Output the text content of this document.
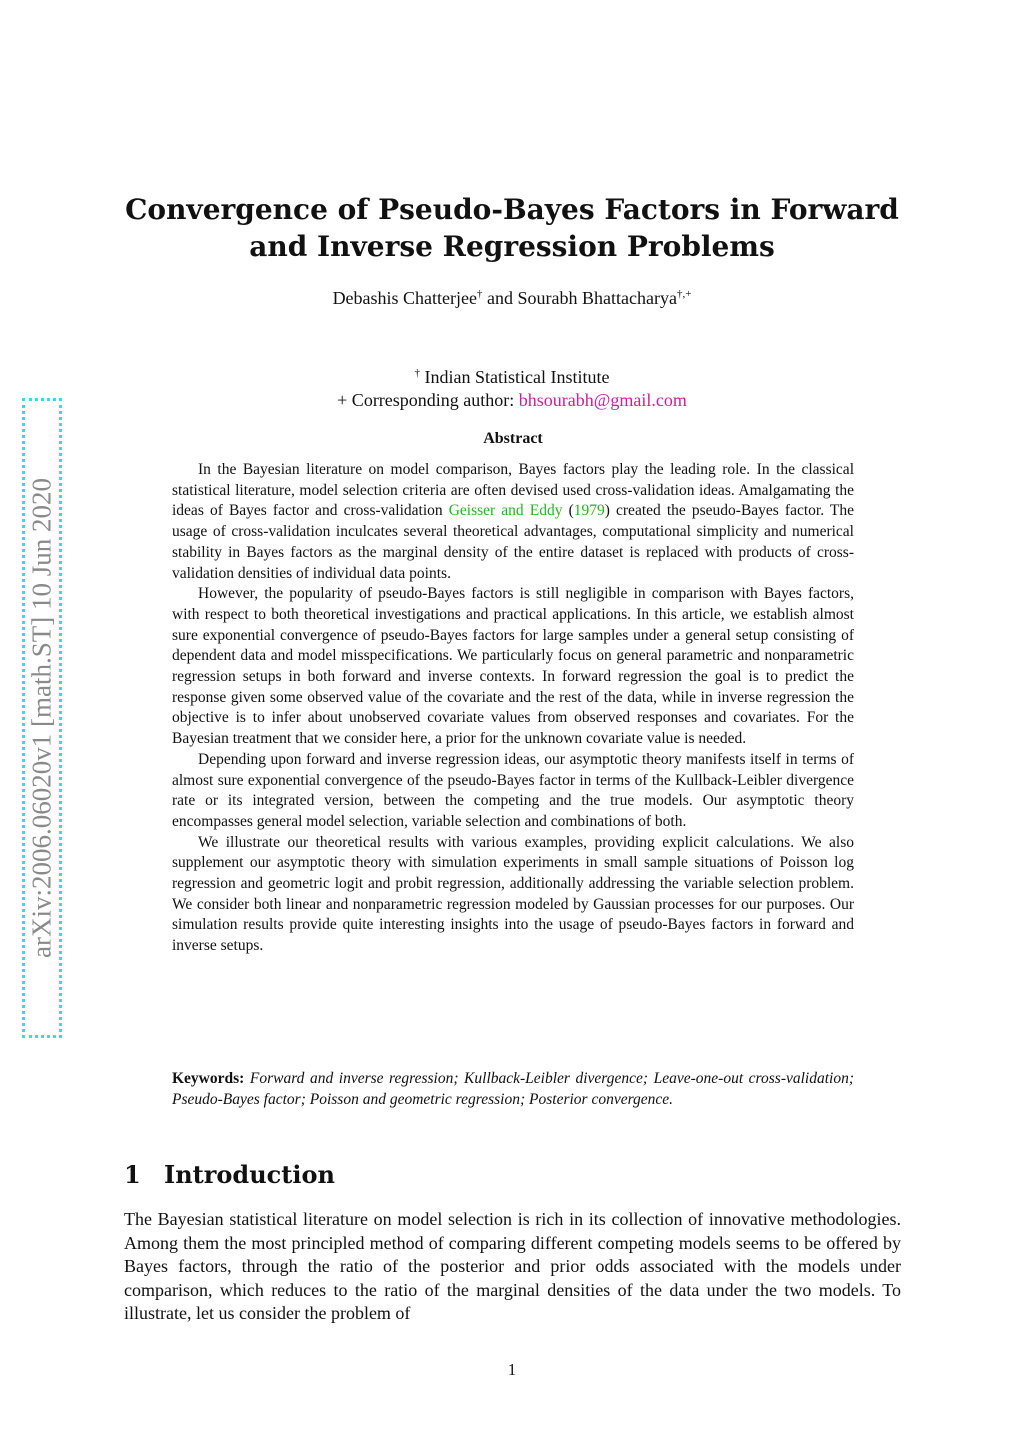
arXiv:2006.06020v1 [math.ST] 10 Jun 2020
Convergence of Pseudo-Bayes Factors in Forward
and Inverse Regression Problems
Debashis Chatterjee† and Sourabh Bhattacharya†,+
† Indian Statistical Institute
+ Corresponding author: bhsourabh@gmail.com
Abstract

In the Bayesian literature on model comparison, Bayes factors play the leading role. In the classical statistical literature, model selection criteria are often devised used cross-validation ideas. Amalgamating the ideas of Bayes factor and cross-validation Geisser and Eddy (1979) created the pseudo-Bayes factor. The usage of cross-validation inculcates several theoretical advantages, computational simplicity and numerical stability in Bayes factors as the marginal density of the entire dataset is replaced with products of cross-validation densities of individual data points.

However, the popularity of pseudo-Bayes factors is still negligible in comparison with Bayes factors, with respect to both theoretical investigations and practical applications. In this article, we establish almost sure exponential convergence of pseudo-Bayes factors for large samples under a general setup consisting of dependent data and model misspecifications. We particularly focus on general parametric and nonparametric regression setups in both forward and inverse contexts. In forward regression the goal is to predict the response given some observed value of the covariate and the rest of the data, while in inverse regression the objective is to infer about unobserved covariate values from observed responses and covariates. For the Bayesian treatment that we consider here, a prior for the unknown covariate value is needed.

Depending upon forward and inverse regression ideas, our asymptotic theory manifests itself in terms of almost sure exponential convergence of the pseudo-Bayes factor in terms of the Kullback-Leibler divergence rate or its integrated version, between the competing and the true models. Our asymptotic theory encompasses general model selection, variable selection and combinations of both.

We illustrate our theoretical results with various examples, providing explicit calculations. We also supplement our asymptotic theory with simulation experiments in small sample situations of Poisson log regression and geometric logit and probit regression, additionally addressing the variable selection problem. We consider both linear and nonparametric regression modeled by Gaussian processes for our purposes. Our simulation results provide quite interesting insights into the usage of pseudo-Bayes factors in forward and inverse setups.

Keywords: Forward and inverse regression; Kullback-Leibler divergence; Leave-one-out cross-validation; Pseudo-Bayes factor; Poisson and geometric regression; Posterior convergence.
1 Introduction

The Bayesian statistical literature on model selection is rich in its collection of innovative methodologies. Among them the most principled method of comparing different competing models seems to be offered by Bayes factors, through the ratio of the posterior and prior odds associated with the models under comparison, which reduces to the ratio of the marginal densities of the data under the two models. To illustrate, let us consider the problem of

1
